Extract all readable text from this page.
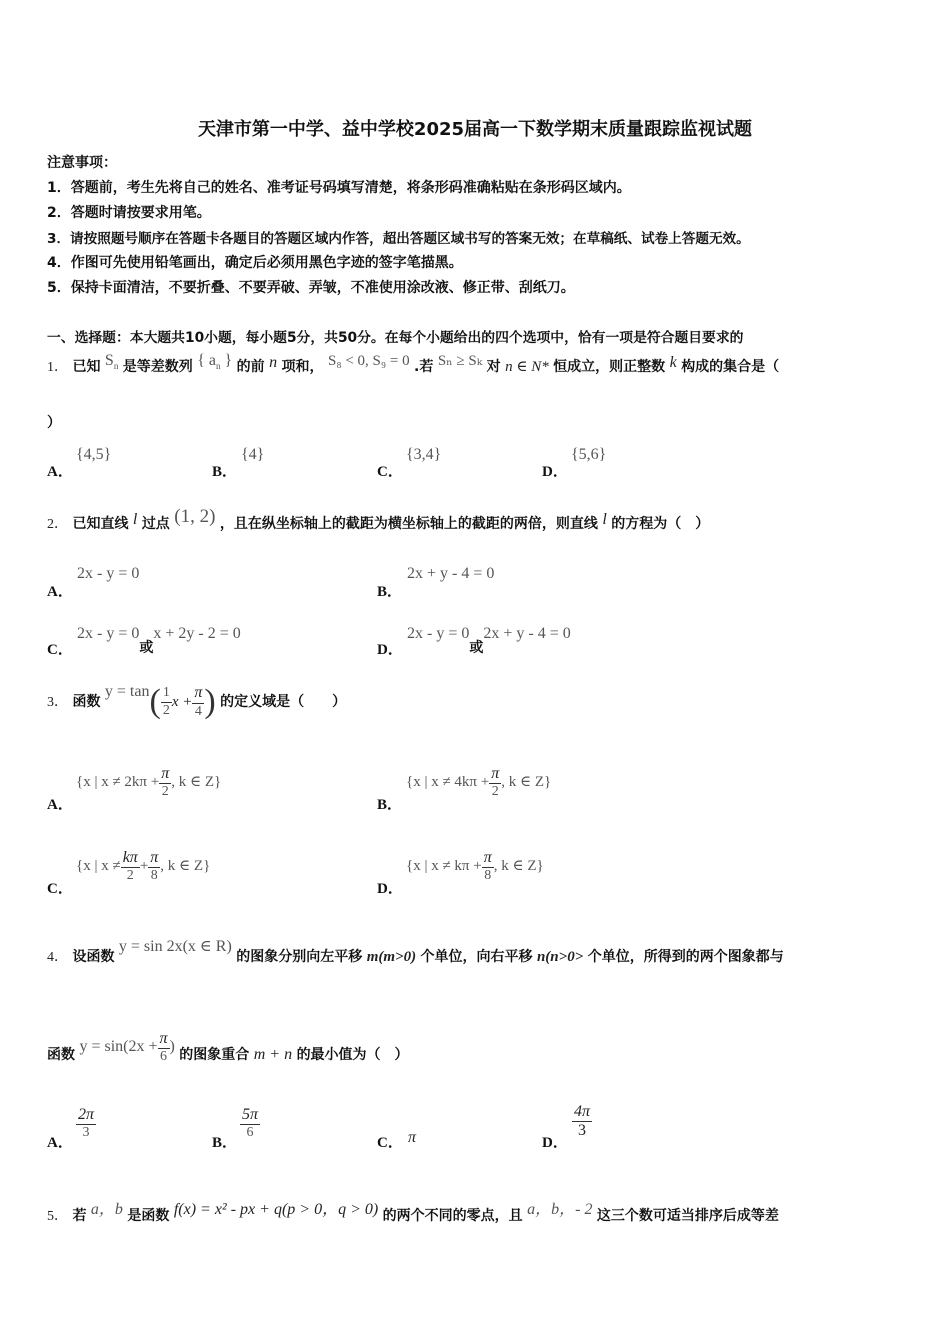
天津市第一中学、益中学校2025届高一下数学期末质量跟踪监视试题
注意事项：
1．答题前，考生先将自己的姓名、准考证号码填写清楚，将条形码准确粘贴在条形码区域内。
2．答题时请按要求用笔。
3．请按照题号顺序在答题卡各题目的答题区域内作答，超出答题区域书写的答案无效；在草稿纸、试卷上答题无效。
4．作图可先使用铅笔画出，确定后必须用黑色字迹的签字笔描黑。
5．保持卡面清洁，不要折叠、不要弄破、弄皱，不准使用涂改液、修正带、刮纸刀。
一、选择题：本大题共10小题，每小题5分，共50分。在每个小题给出的四个选项中，恰有一项是符合题目要求的
1． 已知 $S_n$ 是等差数列 { $a_n$ } 的前 n 项和， S₈ < 0, S₉ = 0 .若 Sₙ ≥ Sₖ 对 n ∈ N* 恒成立，则正整数 k 构成的集合是（
）
A．
{4,5}
B．
{4}
C．
{3,4}
D．
{5,6}
2． 已知直线 l 过点 (1, 2) ，且在纵坐标轴上的截距为横坐标轴上的截距的两倍，则直线 l 的方程为（　）
A．
2x - y = 0
B．
2x + y - 4 = 0
C．
2x - y = 0或x + 2y - 2 = 0
D．
2x - y = 0或2x + y - 4 = 0
3． 函数 $y = \tan( \frac{1}{2}$ $x + \frac{\pi}{4}$ ) 的定义域是（　　）
A．
{x | $x \ne 2k\pi + \frac{\pi}{2}$ , k ∈ Z}
B．
{x | $x \ne 4k\pi + \frac{\pi}{2}$ , k ∈ Z}
C．
{x | $x \ne \frac{k\pi}{2} + \frac{\pi}{8}$ , k ∈ Z}
D．
{x | $x \ne k\pi + \frac{\pi}{8}$ , k ∈ Z}
4． 设函数 y = sin 2x(x ∈ R) 的图象分别向左平移 m(m>0) 个单位，向右平移 n(n>0> 个单位，所得到的两个图象都与
函数 $y = \sin(2x + \frac{\pi}{6}$ ) 的图象重合 m + n 的最小值为（　）
A．
$\frac{2\pi}{3}$
B．
$\frac{5\pi}{6}$
C． π	D．
$\frac{4\pi}{3}$
5． 若 a，b 是函数 f(x) = x² - px + q(p > 0，q > 0) 的两个不同的零点，且 a，b，- 2 这三个数可适当排序后成等差
